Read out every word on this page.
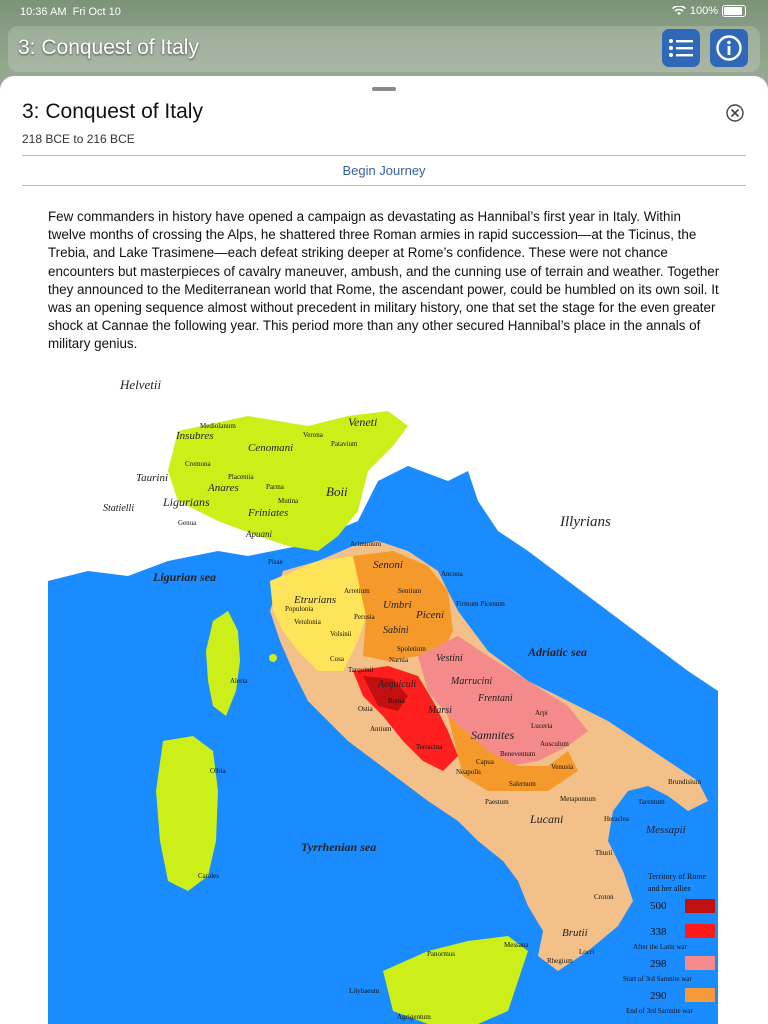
10:36 AM Fri Oct 10	100%
3: Conquest of Italy
3: Conquest of Italy
218 BCE to 216 BCE
Begin Journey

Few commanders in history have opened a campaign as devastating as Hannibal’s first year in Italy. Within twelve months of crossing the Alps, he shattered three Roman armies in rapid succession—at the Ticinus, the Trebia, and Lake Trasimene—each defeat striking deeper at Rome’s confidence. These were not chance encounters but masterpieces of cavalry maneuver, ambush, and the cunning use of terrain and weather. Together they announced to the Mediterranean world that Rome, the ascendant power, could be humbled on its own soil. It was an opening sequence almost without precedent in military history, one that set the stage for the even greater shock at Cannae the following year. This period more than any other secured Hannibal’s place in the annals of military genius.

Helvetii
Insubres
Cenomani
Veneti
Taurini
Anares
Ligurians
Statielli
Boii
Friniates
Apuani
Illyrians
Etrurians
Senoni
Umbri
Piceni
Sabini
Vestini
Marrucini
Frentani
Aequiculi
Marsi
Samnites
Lucani
Messapii
Brutii
Ligurian sea
Adriatic sea
Tyrrhenian sea
Mediolanum
Verona
Patavium
Cremona
Placentia
Parma
Mutina
Genua
Ariminium
Pisae
Ancona
Arretium	Sentium
Populonia
Firmum Picenum
Vetulonia
Perusia
Volsinii
Spoletium
Cosa
Tarquinii
Narnia
Aleria
Ostia
Roma
Antium
Terracina
Arpi
Luceria
Ausculum
Beneventum
Capua
Venusia
Neapolis
Olbia
Salernum
Paestum
Brundisium
Metapontum	Tarentum
Heraclea
Thurii
Carales
Croton
Locri
Messana
Panormus
Rhegium
Lilybaeum
Agrigentum
Territory of Rome
and her allies
500
338
After the Latin war
298
Start of 3rd Samnite war
290
End of 3rd Samnite war
